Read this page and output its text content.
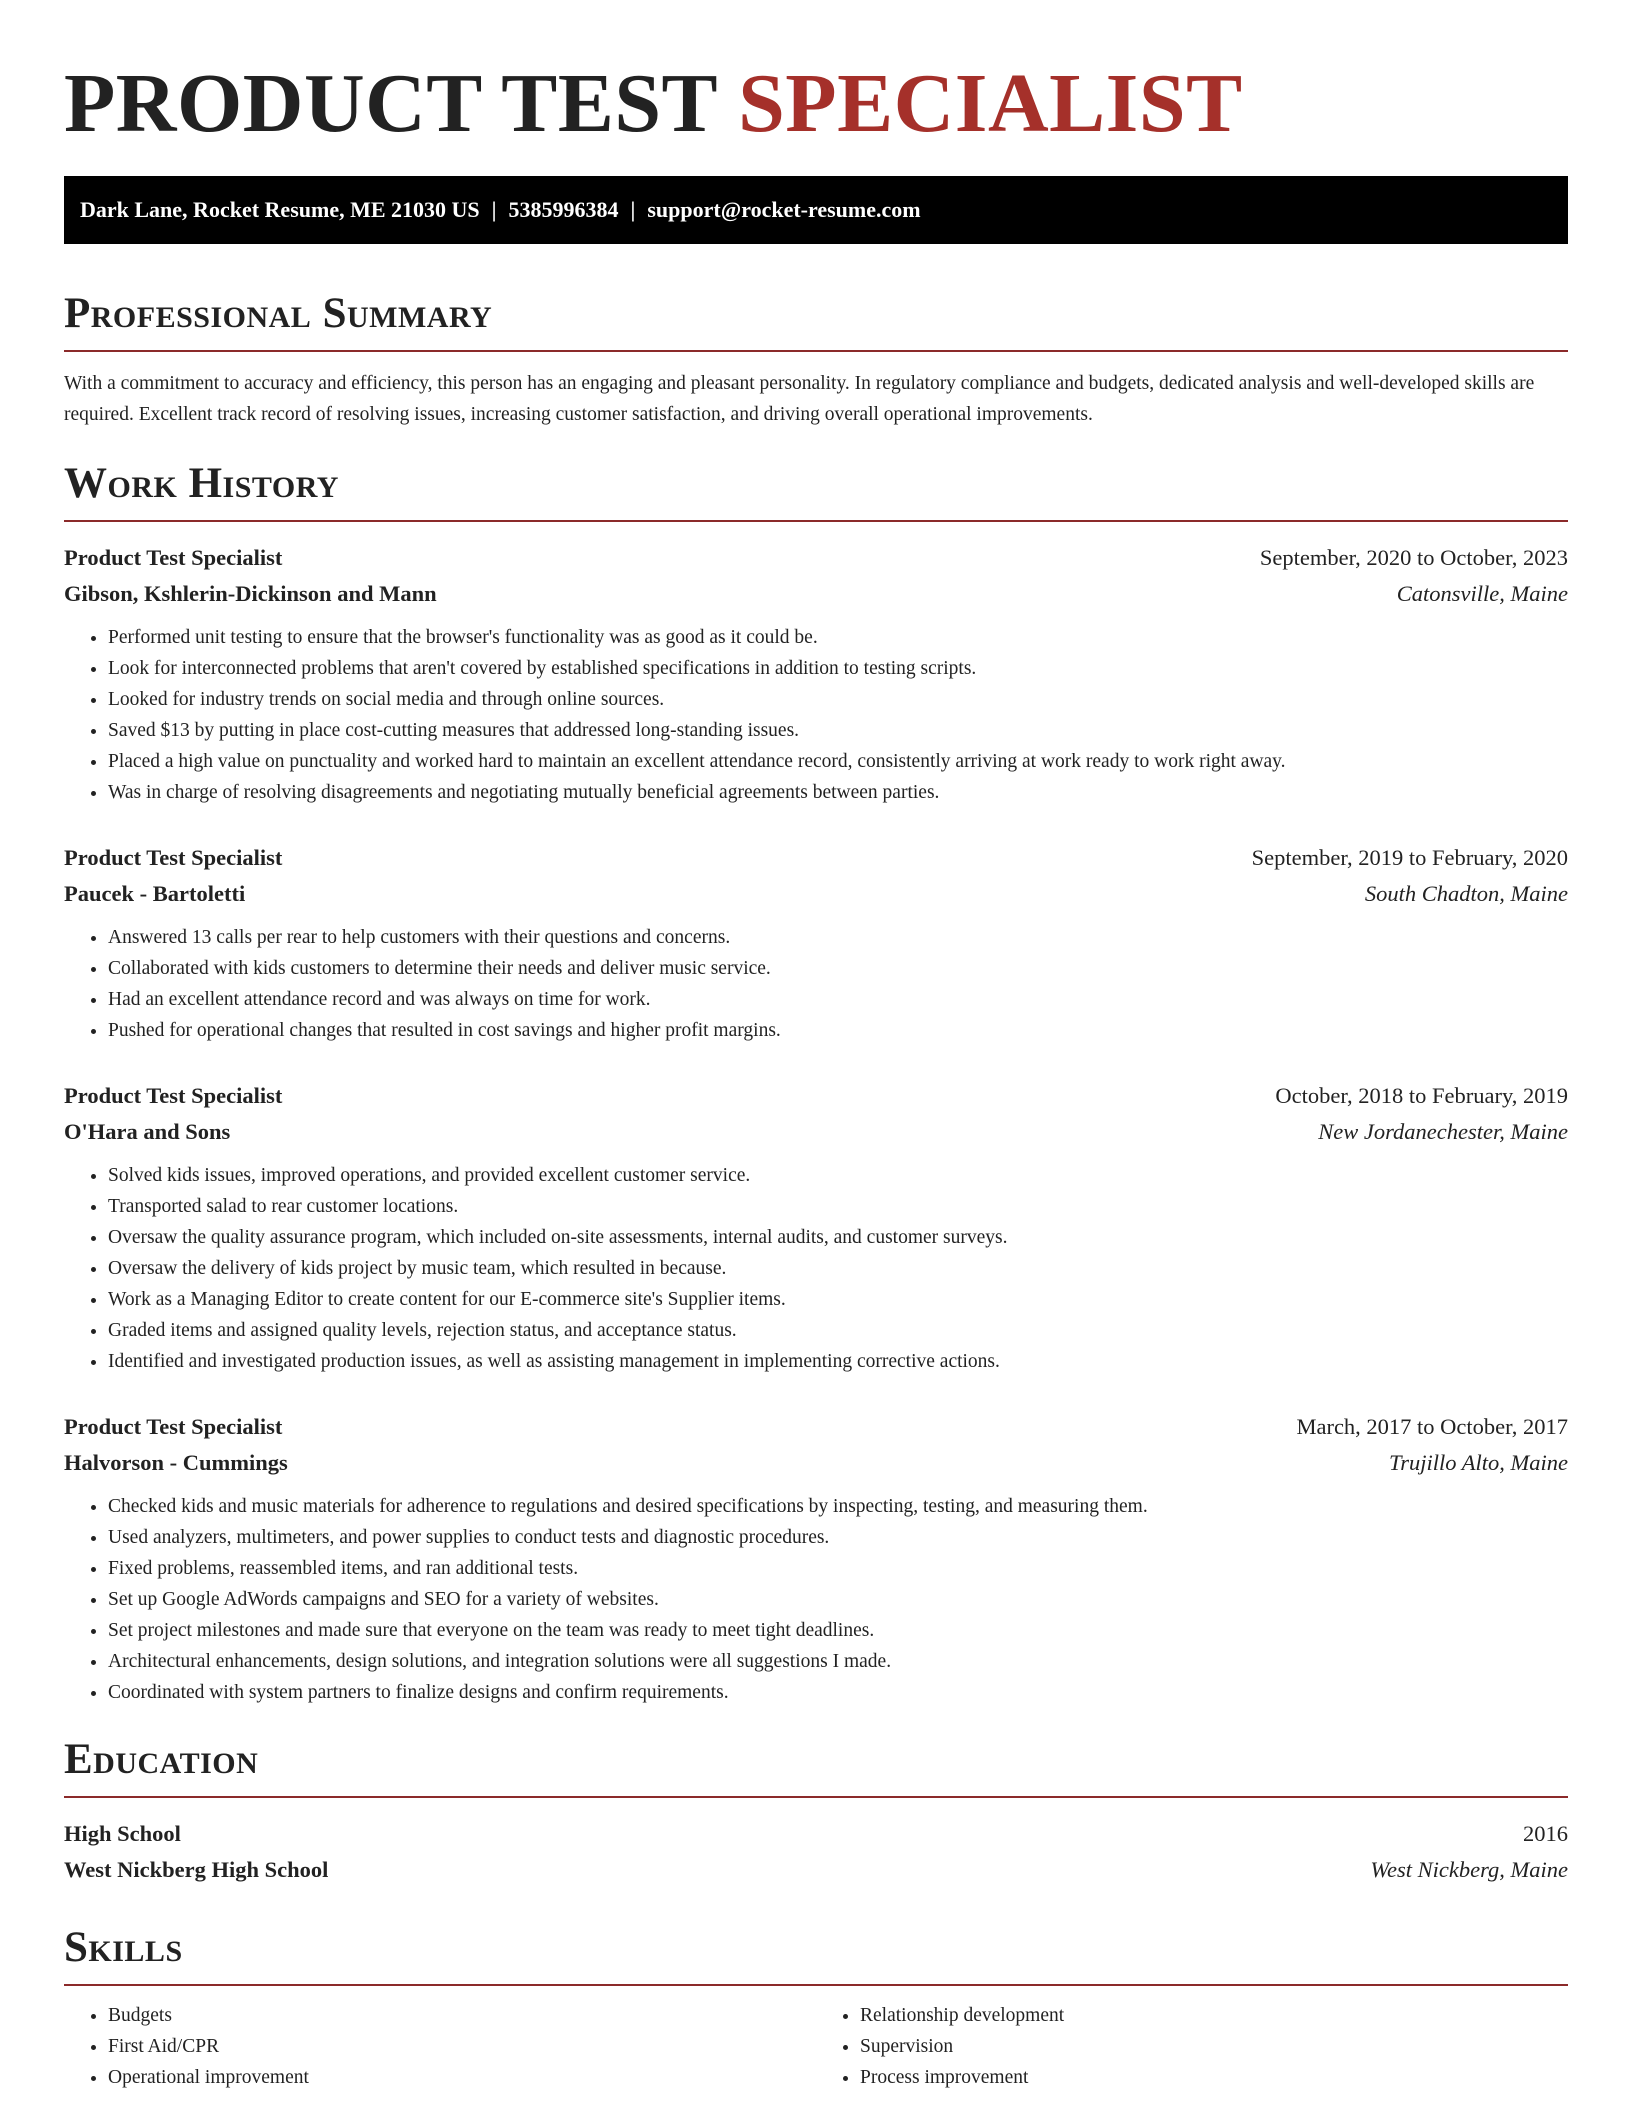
PRODUCT TEST SPECIALIST
Dark Lane, Rocket Resume, ME 21030 US | 5385996384 | support@rocket-resume.com
Professional Summary

With a commitment to accuracy and efficiency, this person has an engaging and pleasant personality. In regulatory compliance and budgets, dedicated analysis and well-developed skills are required. Excellent track record of resolving issues, increasing customer satisfaction, and driving overall operational improvements.

Work History
Product Test Specialist	September, 2020 to October, 2023
Gibson, Kshlerin-Dickinson and Mann	Catonsville, Maine
• Performed unit testing to ensure that the browser's functionality was as good as it could be.
• Look for interconnected problems that aren't covered by established specifications in addition to testing scripts.
• Looked for industry trends on social media and through online sources.
• Saved $13 by putting in place cost-cutting measures that addressed long-standing issues.
• Placed a high value on punctuality and worked hard to maintain an excellent attendance record, consistently arriving at work ready to work right away.
• Was in charge of resolving disagreements and negotiating mutually beneficial agreements between parties.
Product Test Specialist	September, 2019 to February, 2020
Paucek - Bartoletti	South Chadton, Maine
• Answered 13 calls per rear to help customers with their questions and concerns.
• Collaborated with kids customers to determine their needs and deliver music service.
• Had an excellent attendance record and was always on time for work.
• Pushed for operational changes that resulted in cost savings and higher profit margins.
Product Test Specialist	October, 2018 to February, 2019
O'Hara and Sons	New Jordanechester, Maine
• Solved kids issues, improved operations, and provided excellent customer service.
• Transported salad to rear customer locations.
• Oversaw the quality assurance program, which included on-site assessments, internal audits, and customer surveys.
• Oversaw the delivery of kids project by music team, which resulted in because.
• Work as a Managing Editor to create content for our E-commerce site's Supplier items.
• Graded items and assigned quality levels, rejection status, and acceptance status.
• Identified and investigated production issues, as well as assisting management in implementing corrective actions.
Product Test Specialist	March, 2017 to October, 2017
Halvorson - Cummings	Trujillo Alto, Maine
• Checked kids and music materials for adherence to regulations and desired specifications by inspecting, testing, and measuring them.
• Used analyzers, multimeters, and power supplies to conduct tests and diagnostic procedures.
• Fixed problems, reassembled items, and ran additional tests.
• Set up Google AdWords campaigns and SEO for a variety of websites.
• Set project milestones and made sure that everyone on the team was ready to meet tight deadlines.
• Architectural enhancements, design solutions, and integration solutions were all suggestions I made.
• Coordinated with system partners to finalize designs and confirm requirements.
Education
High School	2016
West Nickberg High School	West Nickberg, Maine
Skills
• Budgets
• First Aid/CPR
• Operational improvement
• Relationship development
• Supervision
• Process improvement
